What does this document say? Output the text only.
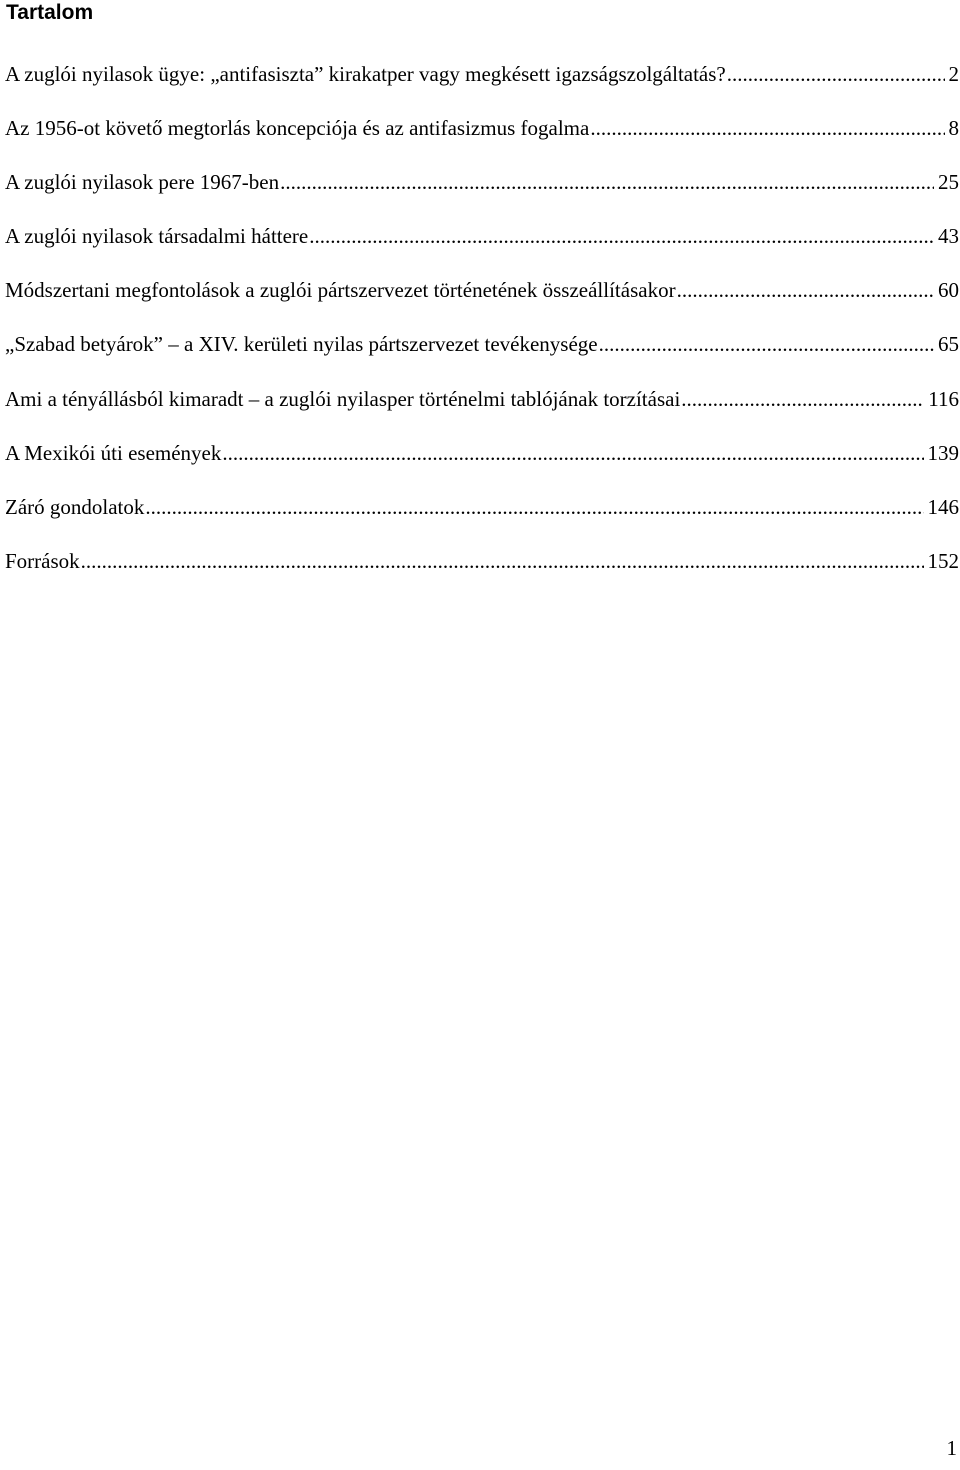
Tartalom
A zuglói nyilasok ügye: „antifasiszta” kirakatper vagy megkésett igazságszolgáltatás? .....	2
Az 1956-ot követő megtorlás koncepciója és az antifasizmus fogalma .....	8
A zuglói nyilasok pere 1967-ben .....	25
A zuglói nyilasok társadalmi háttere .....	43
Módszertani megfontolások a zuglói pártszervezet történetének összeállításakor .....	60
„Szabad betyárok” – a XIV. kerületi nyilas pártszervezet tevékenysége .....	65
Ami a tényállásból kimaradt – a zuglói nyilasper történelmi tablójának torzításai .....	116
A Mexikói úti események .....	139
Záró gondolatok .....	146
Források .....	152
1
